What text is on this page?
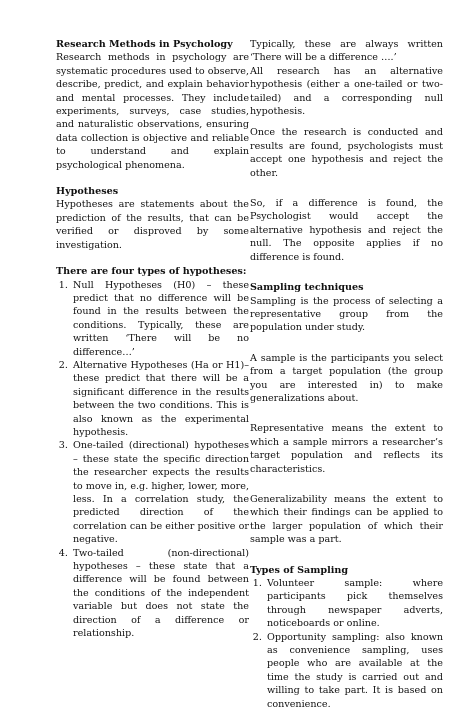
Research Methods in Psychology

Research methods in psychology are systematic procedures used to observe, describe, predict, and explain behavior and mental processes. They include experiments, surveys, case studies, and naturalistic observations, ensuring data collection is objective and reliable to understand and explain psychological phenomena.

Hypotheses

Hypotheses are statements about the prediction of the results, that can be verified or disproved by some investigation.

There are four types of hypotheses:
1. Null Hypotheses (H0) – these predict that no difference will be found in the results between the conditions. Typically, these are written ‘There will be no difference…’
2. Alternative Hypotheses (Ha or H1)– these predict that there will be a significant difference in the results between the two conditions. This is also known as the experimental hypothesis.
3. One-tailed (directional) hypotheses – these state the specific direction the researcher expects the results to move in, e.g. higher, lower, more, less. In a correlation study, the predicted direction of the correlation can be either positive or negative.
4. Two-tailed (non-directional) hypotheses – these state that a difference will be found between the conditions of the independent variable but does not state the direction of a difference or relationship.

Typically, these are always written ‘There will be a difference ….’

All research has an alternative hypothesis (either a one-tailed or two-tailed) and a corresponding null hypothesis.

Once the research is conducted and results are found, psychologists must accept one hypothesis and reject the other.

So, if a difference is found, the Psychologist would accept the alternative hypothesis and reject the null. The opposite applies if no difference is found.

Sampling techniques

Sampling is the process of selecting a representative group from the population under study.

A sample is the participants you select from a target population (the group you are interested in) to make generalizations about.

Representative means the extent to which a sample mirrors a researcher’s target population and reflects its characteristics.

Generalizability means the extent to which their findings can be applied to the larger population of which their sample was a part.

Types of Sampling
1. Volunteer sample: where participants pick themselves through newspaper adverts, noticeboards or online.
2. Opportunity sampling: also known as convenience sampling, uses people who are available at the time the study is carried out and willing to take part. It is based on convenience.
